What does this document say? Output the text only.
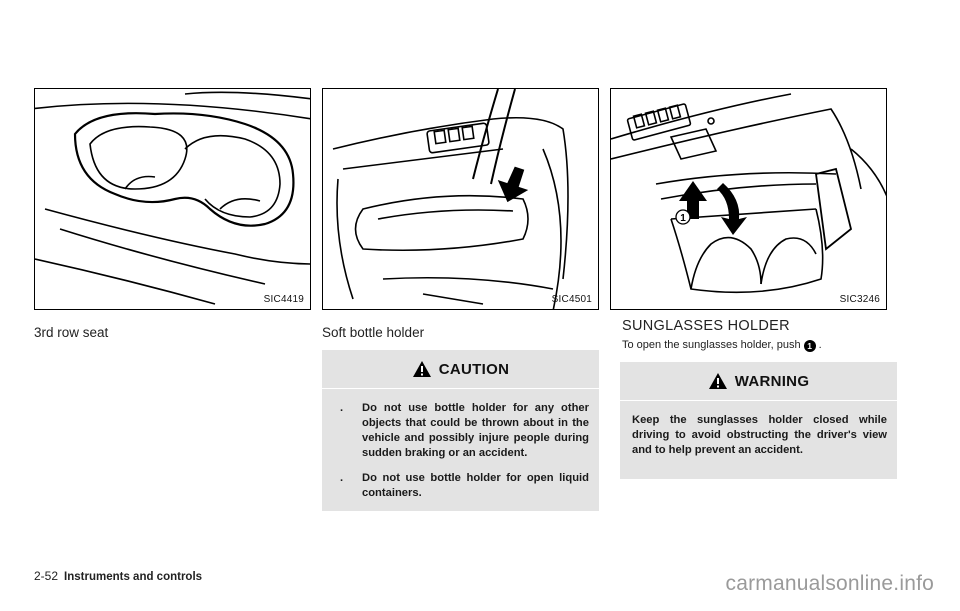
SIC4419	SIC4501
1
SIC3246
3rd row seat	Soft bottle holder
CAUTION
. Do not use bottle holder for any other objects that could be thrown about in the vehicle and possibly injure people during sudden braking or an accident.
. Do not use bottle holder for open liquid containers.
SUNGLASSES HOLDER
To open the sunglasses holder, push 1 .
WARNING

Keep the sunglasses holder closed while driving to avoid obstructing the driver's view and to help prevent an accident.

2-52 Instruments and controls	carmanualsonline.info
